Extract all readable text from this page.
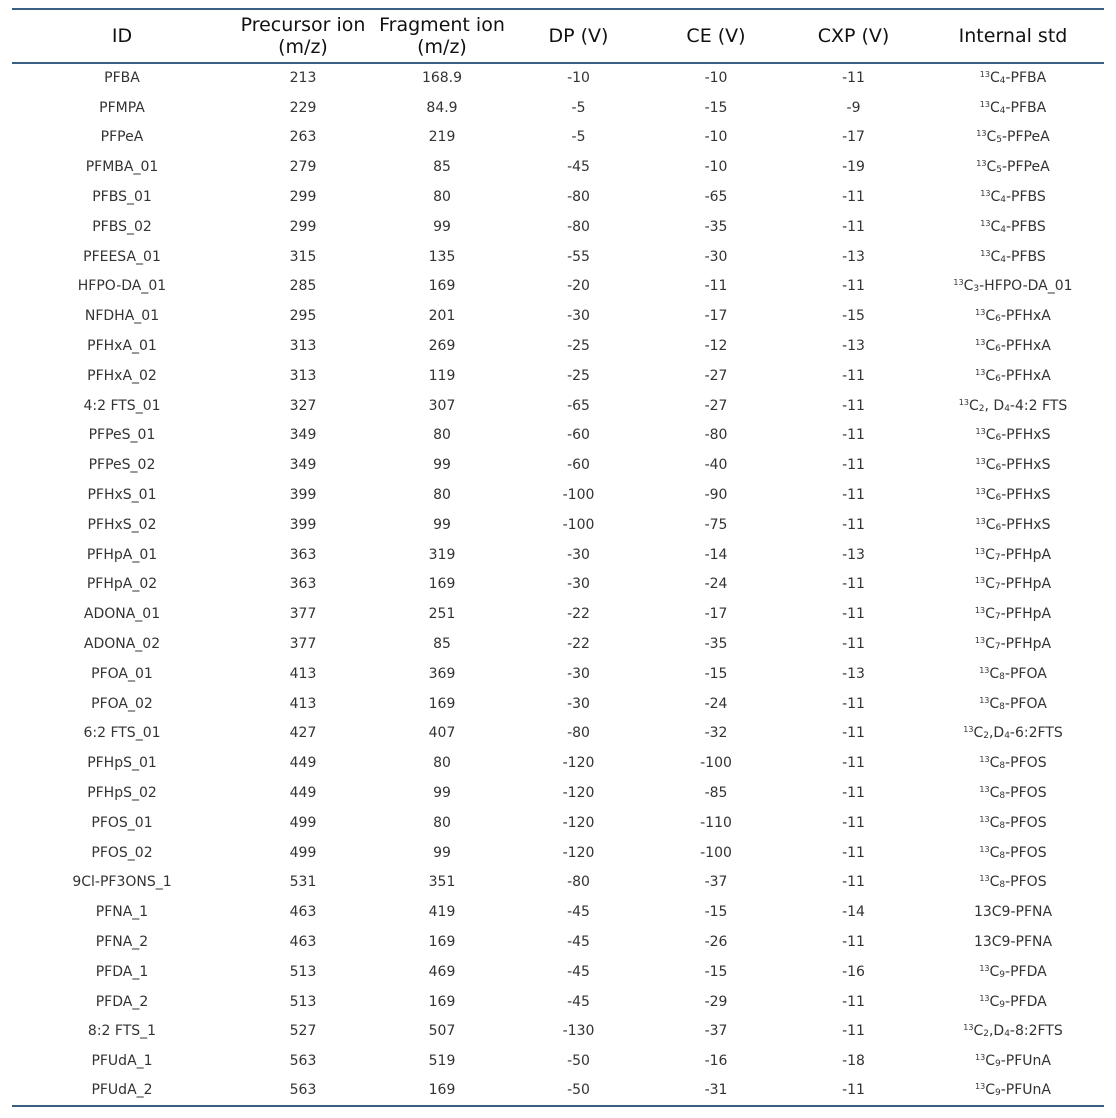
ID	Precursor ion (m/z)	Fragment ion (m/z)	DP (V)	CE (V)	CXP (V)	Internal std
PFBA	213	168.9	-10	-10	-11	$^{13}C_4$-PFBA
PFMPA	229	84.9	-5	-15	-9	$^{13}C_4$-PFBA
PFPeA	263	219	-5	-10	-17	$^{13}C_5$-PFPeA
PFMBA_01	279	85	-45	-10	-19	$^{13}C_5$-PFPeA
PFBS_01	299	80	-80	-65	-11	$^{13}C_4$-PFBS
PFBS_02	299	99	-80	-35	-11	$^{13}C_4$-PFBS
PFEESA_01	315	135	-55	-30	-13	$^{13}C_4$-PFBS
HFPO-DA_01	285	169	-20	-11	-11	$^{13}C_3-HFPO-DA\_01$
NFDHA_01	295	201	-30	-17	-15	$^{13}C_6$-PFHxA
PFHxA_01	313	269	-25	-12	-13	$^{13}C_6$-PFHxA
PFHxA_02	313	119	-25	-27	-11	$^{13}C_6$-PFHxA
4:2 FTS_01	327	307	-65	-27	-11	$^{13}C_2$, $D_4-4:2$ FTS
PFPeS_01	349	80	-60	-80	-11	$^{13}C_6$-PFHxS
PFPeS_02	349	99	-60	-40	-11	$^{13}C_6$-PFHxS
PFHxS_01	399	80	-100	-90	-11	$^{13}C_6$-PFHxS
PFHxS_02	399	99	-100	-75	-11	$^{13}C_6$-PFHxS
PFHpA_01	363	319	-30	-14	-13	$^{13}C_7$-PFHpA
PFHpA_02	363	169	-30	-24	-11	$^{13}C_7$-PFHpA
ADONA_01	377	251	-22	-17	-11	$^{13}C_7$-PFHpA
ADONA_02	377	85	-22	-35	-11	$^{13}C_7$-PFHpA
PFOA_01	413	369	-30	-15	-13	$^{13}C_8$-PFOA
PFOA_02	413	169	-30	-24	-11	$^{13}C_8$-PFOA
6:2 FTS_01	427	407	-80	-32	-11	$^{13}C_2,D_4-6:2FTS$
PFHpS_01	449	80	-120	-100	-11	$^{13}C_8$-PFOS
PFHpS_02	449	99	-120	-85	-11	$^{13}C_8$-PFOS
PFOS_01	499	80	-120	-110	-11	$^{13}C_8$-PFOS
PFOS_02	499	99	-120	-100	-11	$^{13}C_8$-PFOS
9Cl-PF3ONS_1	531	351	-80	-37	-11	$^{13}C_8$-PFOS
PFNA_1	463	419	-45	-15	-14	13C9-PFNA
PFNA_2	463	169	-45	-26	-11	13C9-PFNA
PFDA_1	513	469	-45	-15	-16	$^{13}C_9$-PFDA
PFDA_2	513	169	-45	-29	-11	$^{13}C_9$-PFDA
8:2 FTS_1	527	507	-130	-37	-11	$^{13}C_2,D_4-8:2FTS$
PFUdA_1	563	519	-50	-16	-18	$^{13}C_9$-PFUnA
PFUdA_2	563	169	-50	-31	-11	$^{13}C_9$-PFUnA
